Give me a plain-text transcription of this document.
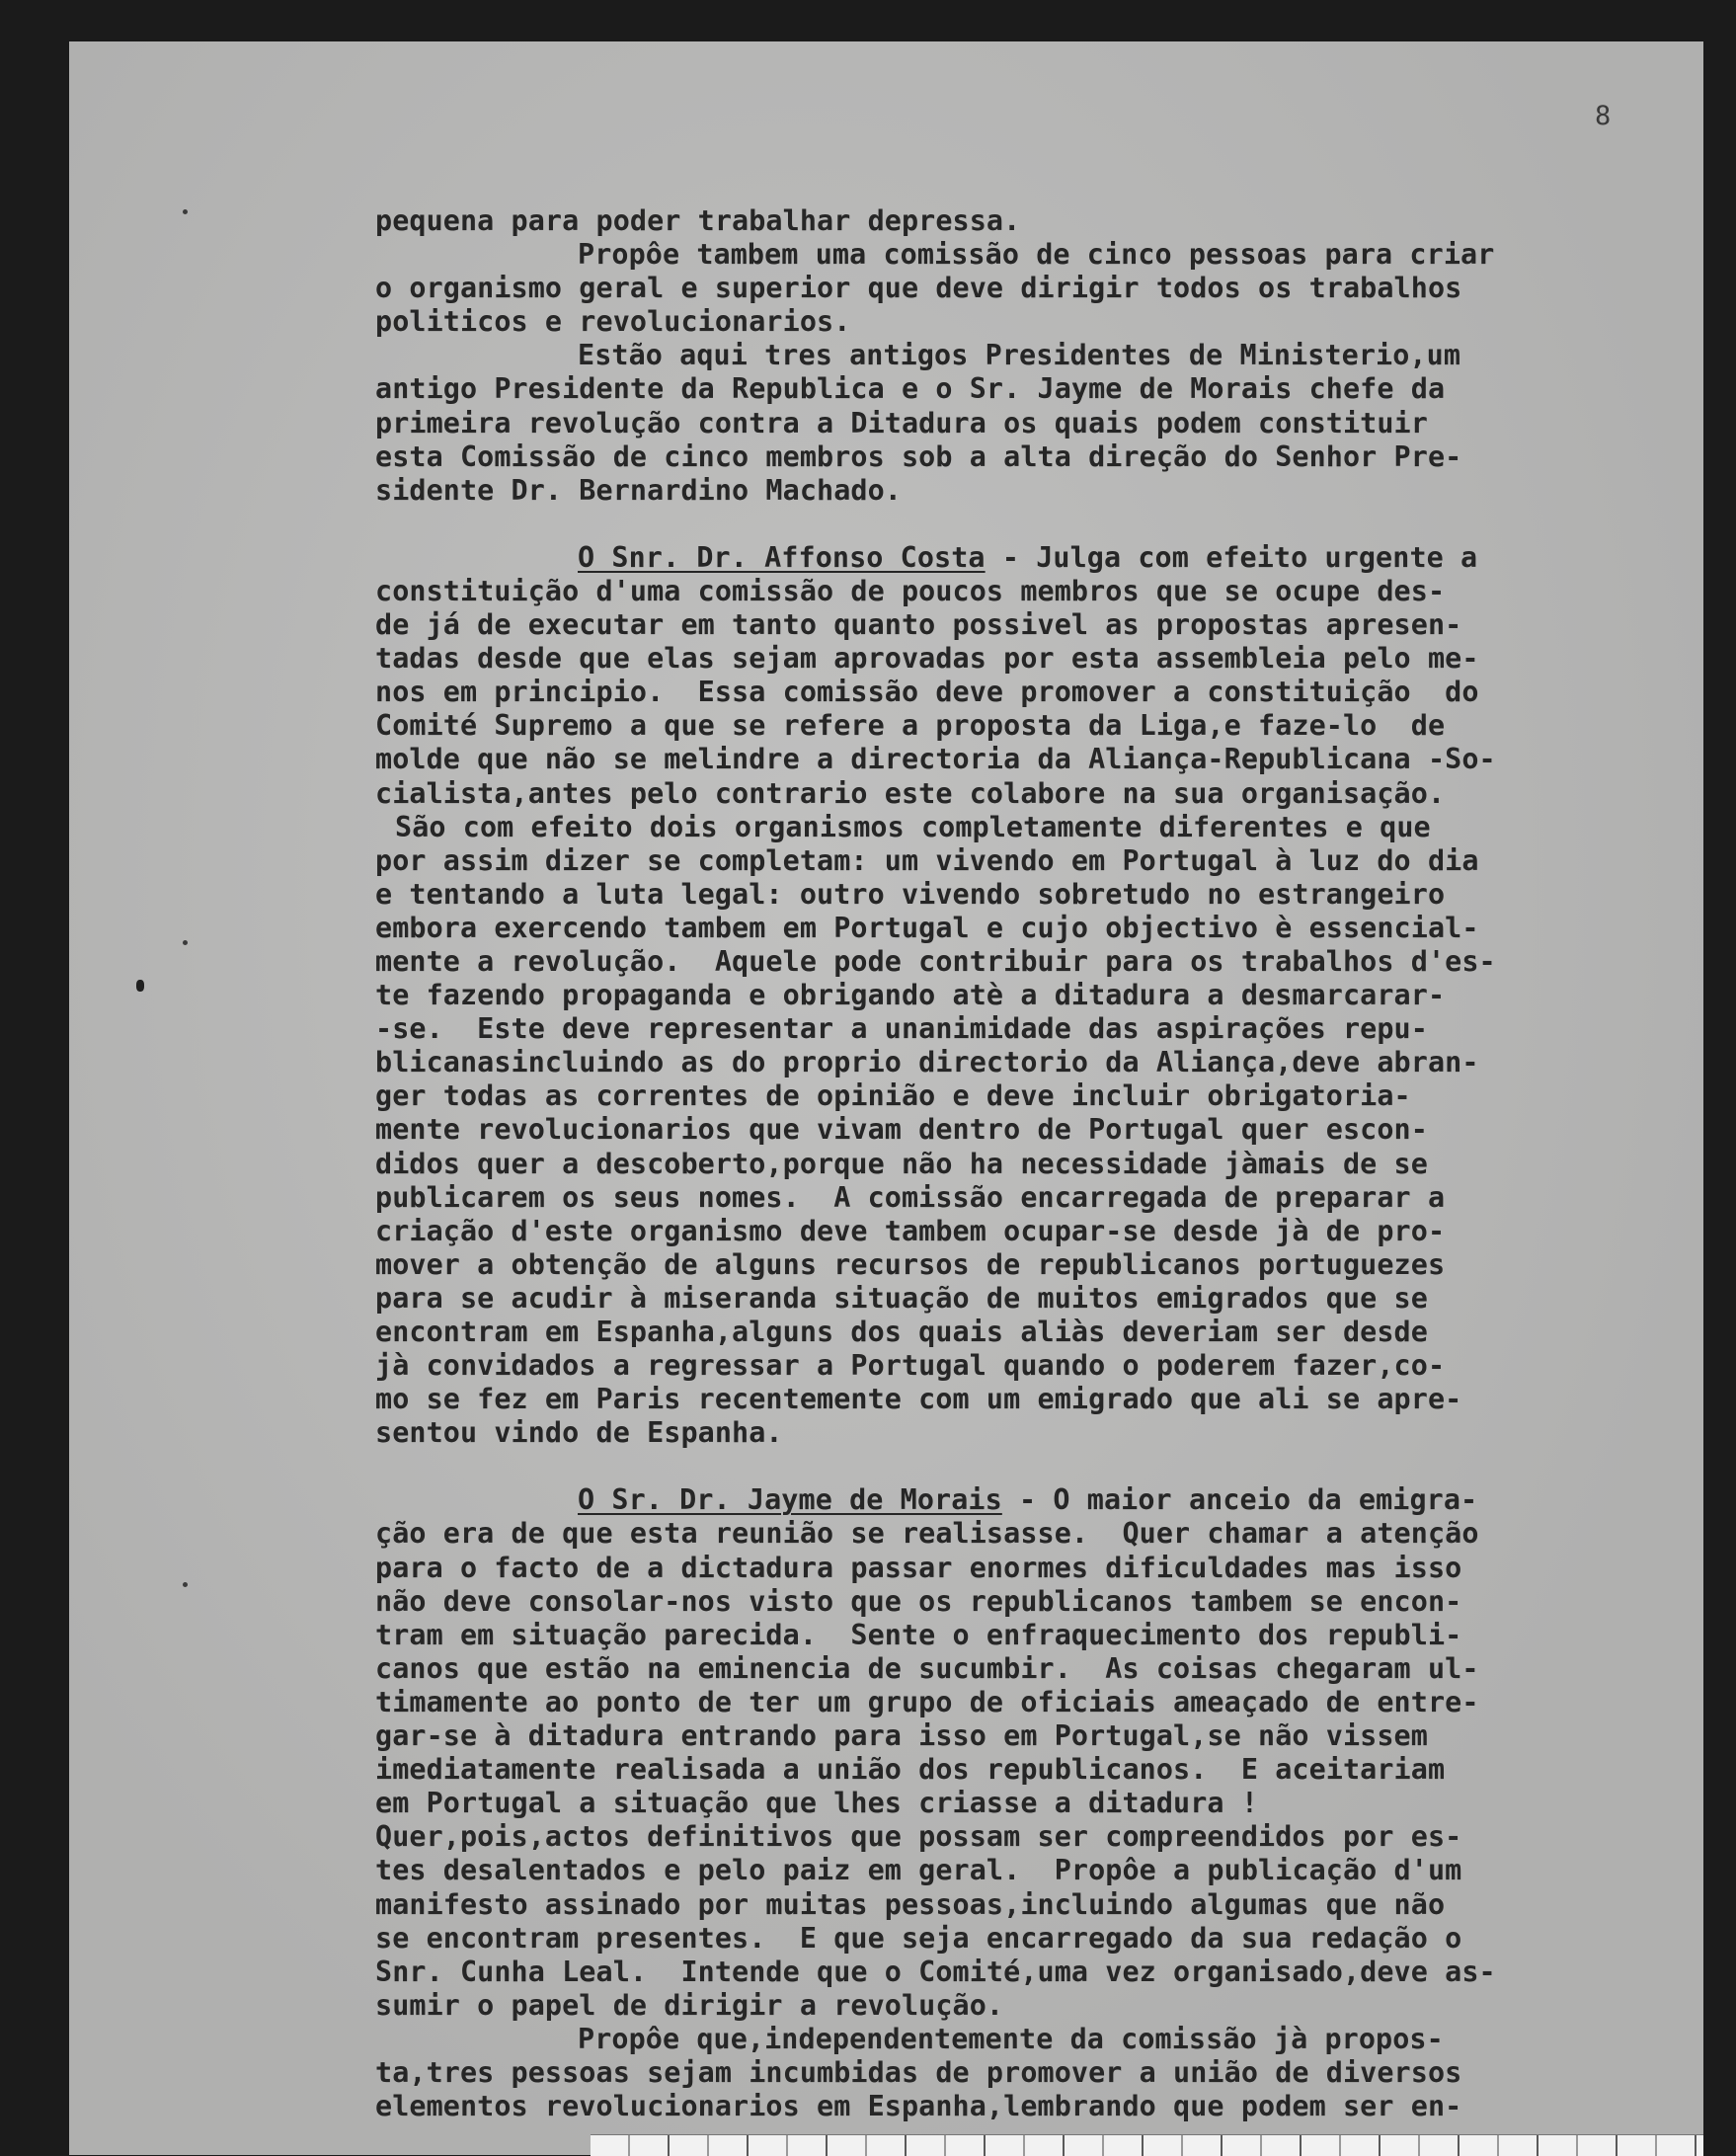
8
pequena para poder trabalhar depressa.
Propôe tambem uma comissão de cinco pessoas para criar
o organismo geral e superior que deve dirigir todos os trabalhos
politicos e revolucionarios.
Estão aqui tres antigos Presidentes de Ministerio,um
antigo Presidente da Republica e o Sr. Jayme de Morais chefe da
primeira revolução contra a Ditadura os quais podem constituir
esta Comissão de cinco membros sob a alta direção do Senhor Pre-
sidente Dr. Bernardino Machado.
O Snr. Dr. Affonso Costa - Julga com efeito urgente a
constituição d'uma comissão de poucos membros que se ocupe des-
de já de executar em tanto quanto possivel as propostas apresen-
tadas desde que elas sejam aprovadas por esta assembleia pelo me-
nos em principio.  Essa comissão deve promover a constituição  do
Comité Supremo a que se refere a proposta da Liga,e faze-lo  de
molde que não se melindre a directoria da Aliança-Republicana -So-
cialista,antes pelo contrario este colabore na sua organisação.
São com efeito dois organismos completamente diferentes e que
por assim dizer se completam: um vivendo em Portugal à luz do dia
e tentando a luta legal: outro vivendo sobretudo no estrangeiro
embora exercendo tambem em Portugal e cujo objectivo è essencial-
mente a revolução.  Aquele pode contribuir para os trabalhos d'es-
te fazendo propaganda e obrigando atè a ditadura a desmarcarar-
-se.  Este deve representar a unanimidade das aspirações repu-
blicanasincluindo as do proprio directorio da Aliança,deve abran-
ger todas as correntes de opinião e deve incluir obrigatoria-
mente revolucionarios que vivam dentro de Portugal quer escon-
didos quer a descoberto,porque não ha necessidade jàmais de se
publicarem os seus nomes.  A comissão encarregada de preparar a
criação d'este organismo deve tambem ocupar-se desde jà de pro-
mover a obtenção de alguns recursos de republicanos portuguezes
para se acudir à miseranda situação de muitos emigrados que se
encontram em Espanha,alguns dos quais aliàs deveriam ser desde
jà convidados a regressar a Portugal quando o poderem fazer,co-
mo se fez em Paris recentemente com um emigrado que ali se apre-
sentou vindo de Espanha.
O Sr. Dr. Jayme de Morais - O maior anceio da emigra-
ção era de que esta reunião se realisasse.  Quer chamar a atenção
para o facto de a dictadura passar enormes dificuldades mas isso
não deve consolar-nos visto que os republicanos tambem se encon-
tram em situação parecida.  Sente o enfraquecimento dos republi-
canos que estão na eminencia de sucumbir.  As coisas chegaram ul-
timamente ao ponto de ter um grupo de oficiais ameaçado de entre-
gar-se à ditadura entrando para isso em Portugal,se não vissem
imediatamente realisada a união dos republicanos.  E aceitariam
em Portugal a situação que lhes criasse a ditadura !
Quer,pois,actos definitivos que possam ser compreendidos por es-
tes desalentados e pelo paiz em geral.  Propôe a publicação d'um
manifesto assinado por muitas pessoas,incluindo algumas que não
se encontram presentes.  E que seja encarregado da sua redação o
Snr. Cunha Leal.  Intende que o Comité,uma vez organisado,deve as-
sumir o papel de dirigir a revolução.
Propôe que,independentemente da comissão jà propos-
ta,tres pessoas sejam incumbidas de promover a união de diversos
elementos revolucionarios em Espanha,lembrando que podem ser en-
